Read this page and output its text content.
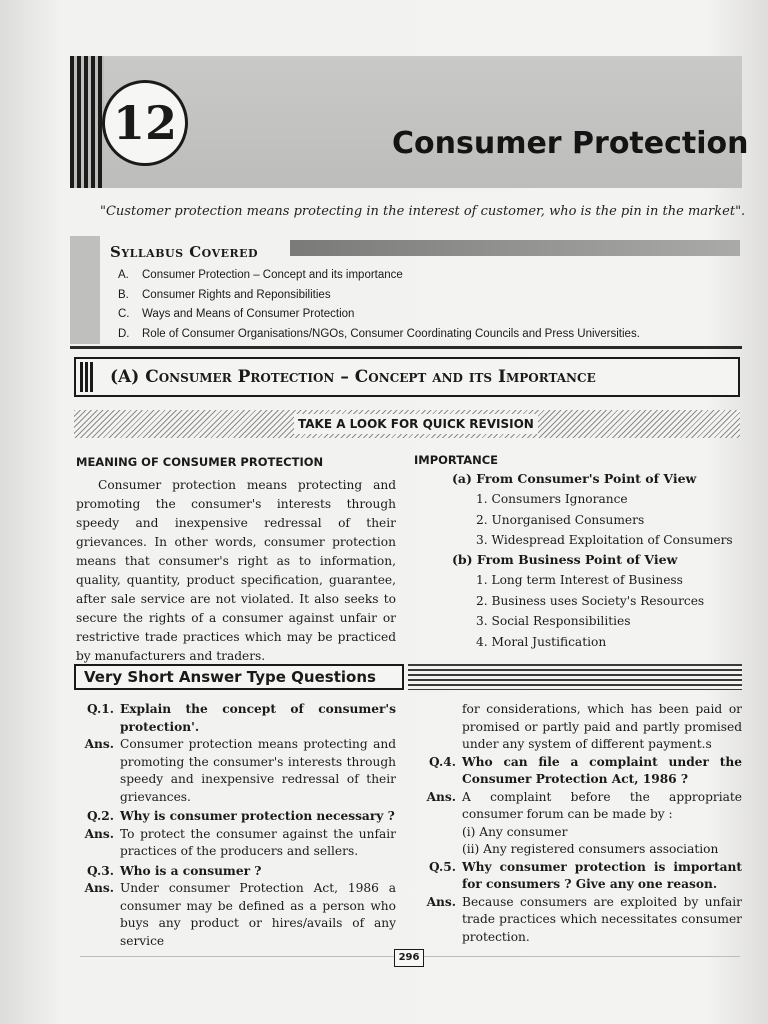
12	Consumer Protection
"Customer protection means protecting in the interest of customer, who is the pin in the market".
Syllabus Covered
A.	Consumer Protection – Concept and its importance
B.	Consumer Rights and Reponsibilities
C.	Ways and Means of Consumer Protection
D.	Role of Consumer Organisations/NGOs, Consumer Coordinating Councils and Press Universities.
(A) Consumer Protection – Concept and its Importance
TAKE A LOOK FOR QUICK REVISION
MEANING OF CONSUMER PROTECTION

Consumer protection means protecting and promoting the consumer's interests through speedy and inexpensive redressal of their grievances. In other words, consumer protection means that consumer's right as to information, quality, quantity, product specification, guarantee, after sale service are not violated. It also seeks to secure the rights of a consumer against unfair or restrictive trade practices which may be practiced by manufacturers and traders.

IMPORTANCE
(a) From Consumer's Point of View
1. Consumers Ignorance
2. Unorganised Consumers
3. Widespread Exploitation of Consumers
(b) From Business Point of View
1. Long term Interest of Business
2. Business uses Society's Resources
3. Social Responsibilities
4. Moral Justification
Very Short Answer Type Questions
Q.1. Explain the concept of consumer's protection'.
Ans. Consumer protection means protecting and promoting the consumer's interests through speedy and inexpensive redressal of their grievances.
Q.2. Why is consumer protection necessary ?
Ans. To protect the consumer against the unfair practices of the producers and sellers.
Q.3. Who is a consumer ?
Ans. Under consumer Protection Act, 1986 a consumer may be defined as a person who buys any product or hires/avails of any service
for considerations, which has been paid or promised or partly paid and partly promised under any system of different payment.s
Q.4. Who can file a complaint under the Consumer Protection Act, 1986 ?
Ans. A complaint before the appropriate consumer forum can be made by :
(i) Any consumer
(ii) Any registered consumers association
Q.5. Why consumer protection is important for consumers ? Give any one reason.
Ans. Because consumers are exploited by unfair trade practices which necessitates consumer protection.
296
